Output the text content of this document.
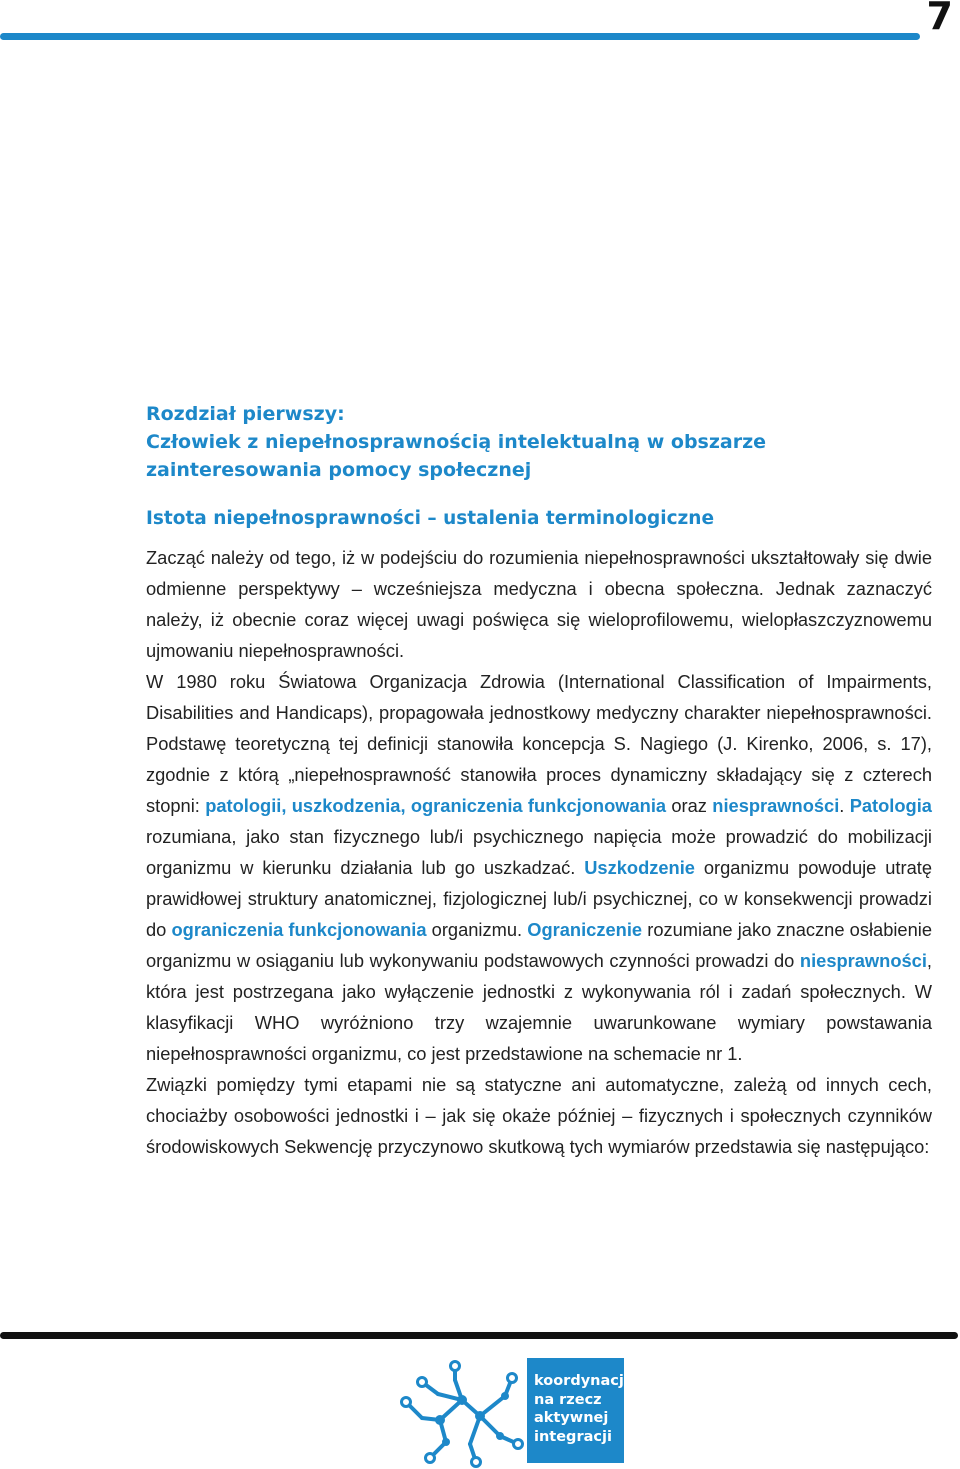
7

Rozdział pierwszy:

Człowiek z niepełnosprawnością intelektualną w obszarze zainteresowania pomocy społecznej

Istota niepełnosprawności – ustalenia terminologiczne

Zacząć należy od tego, iż w podejściu do rozumienia niepełnosprawności ukształtowały się dwie odmienne perspektywy – wcześniejsza medyczna i obecna społeczna. Jednak zaznaczyć należy, iż obecnie coraz więcej uwagi poświęca się wieloprofilowemu, wielopłaszczyznowemu ujmowaniu niepełnosprawności.

W 1980 roku Światowa Organizacja Zdrowia (International Classification of Impairments, Disabilities and Handicaps), propagowała jednostkowy medyczny charakter niepełnosprawności. Podstawę teoretyczną tej definicji stanowiła koncepcja S. Nagiego (J. Kirenko, 2006, s. 17), zgodnie z którą „niepełnosprawność stanowiła proces dynamiczny składający się z czterech stopni: patologii, uszkodzenia, ograniczenia funkcjonowania oraz niesprawności. Patologia rozumiana, jako stan fizycznego lub/i psychicznego napięcia może prowadzić do mobilizacji organizmu w kierunku działania lub go uszkadzać. Uszkodzenie organizmu powoduje utratę prawidłowej struktury anatomicznej, fizjologicznej lub/i psychicznej, co w konsekwencji prowadzi do ograniczenia funkcjonowania organizmu. Ograniczenie rozumiane jako znaczne osłabienie organizmu w osiąganiu lub wykonywaniu podstawowych czynności prowadzi do niesprawności, która jest postrzegana jako wyłączenie jednostki z wykonywania ról i zadań społecznych. W klasyfikacji WHO wyróżniono trzy wzajemnie uwarunkowane wymiary powstawania niepełnosprawności organizmu, co jest przedstawione na schemacie nr 1.

Związki pomiędzy tymi etapami nie są statyczne ani automatyczne, zależą od innych cech, chociażby osobowości jednostki i – jak się okaże później – fizycznych i społecznych czynników środowiskowych Sekwencję przyczynowo skutkową tych wymiarów przedstawia się następująco:

koordynacja
na rzecz
aktywnej
integracji
